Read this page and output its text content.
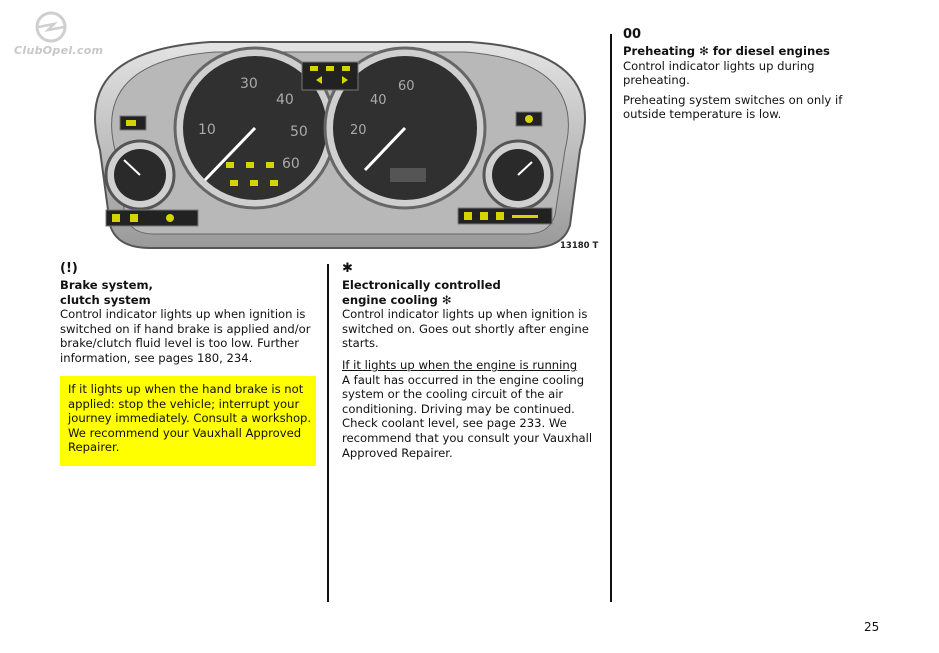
ClubOpel.com
10
30
40
50
60
40
60
20
13180 T
(!)

Brake system,

clutch system

Control indicator lights up when ignition is switched on if hand brake is applied and/or brake/clutch fluid level is too low. Further information, see pages 180, 234.

If it lights up when the hand brake is not applied: stop the vehicle; interrupt your journey immediately. Consult a workshop. We recommend your Vauxhall Approved Repairer.
✱

Electronically controlled

engine cooling ✻

Control indicator lights up when ignition is switched on. Goes out shortly after engine starts.

If it lights up when the engine is running

A fault has occurred in the engine cooling system or the cooling circuit of the air conditioning. Driving may be continued. Check coolant level, see page 233. We recommend that you consult your Vauxhall Approved Repairer.

00

Preheating ✻ for diesel engines

Control indicator lights up during preheating.

Preheating system switches on only if outside temperature is low.

25
